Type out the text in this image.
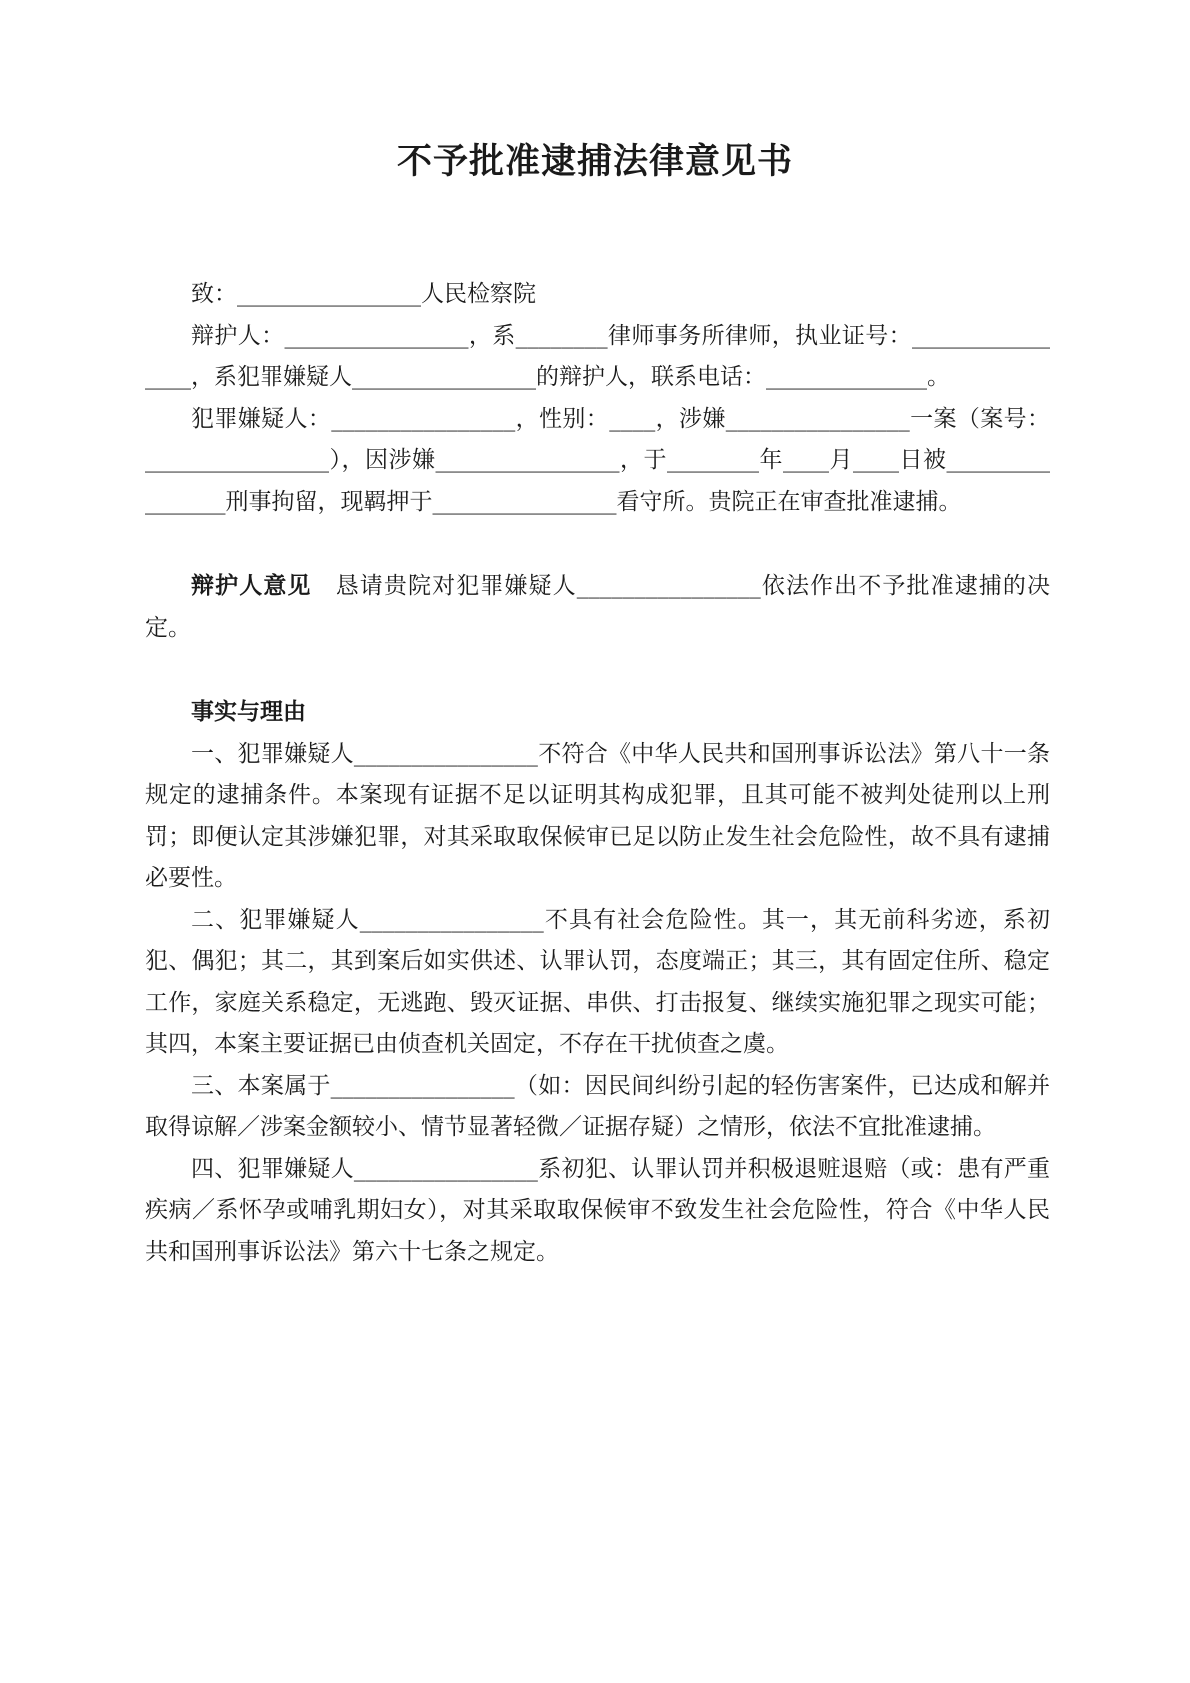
不予批准逮捕法律意见书

致：________________人民检察院

辩护人：________________，系________律师事务所律师，执业证号：________________，系犯罪嫌疑人________________的辩护人，联系电话：______________。

犯罪嫌疑人：________________，性别：____，涉嫌________________一案（案号：________________），因涉嫌________________，于________年____月____日被________________刑事拘留，现羁押于________________看守所。贵院正在审查批准逮捕。

辩护人意见　恳请贵院对犯罪嫌疑人________________依法作出不予批准逮捕的决定。

事实与理由

一、犯罪嫌疑人________________不符合《中华人民共和国刑事诉讼法》第八十一条规定的逮捕条件。本案现有证据不足以证明其构成犯罪，且其可能不被判处徒刑以上刑罚；即便认定其涉嫌犯罪，对其采取取保候审已足以防止发生社会危险性，故不具有逮捕必要性。

二、犯罪嫌疑人________________不具有社会危险性。其一，其无前科劣迹，系初犯、偶犯；其二，其到案后如实供述、认罪认罚，态度端正；其三，其有固定住所、稳定工作，家庭关系稳定，无逃跑、毁灭证据、串供、打击报复、继续实施犯罪之现实可能；其四，本案主要证据已由侦查机关固定，不存在干扰侦查之虞。

三、本案属于________________（如：因民间纠纷引起的轻伤害案件，已达成和解并取得谅解／涉案金额较小、情节显著轻微／证据存疑）之情形，依法不宜批准逮捕。

四、犯罪嫌疑人________________系初犯、认罪认罚并积极退赃退赔（或：患有严重疾病／系怀孕或哺乳期妇女），对其采取取保候审不致发生社会危险性，符合《中华人民共和国刑事诉讼法》第六十七条之规定。
